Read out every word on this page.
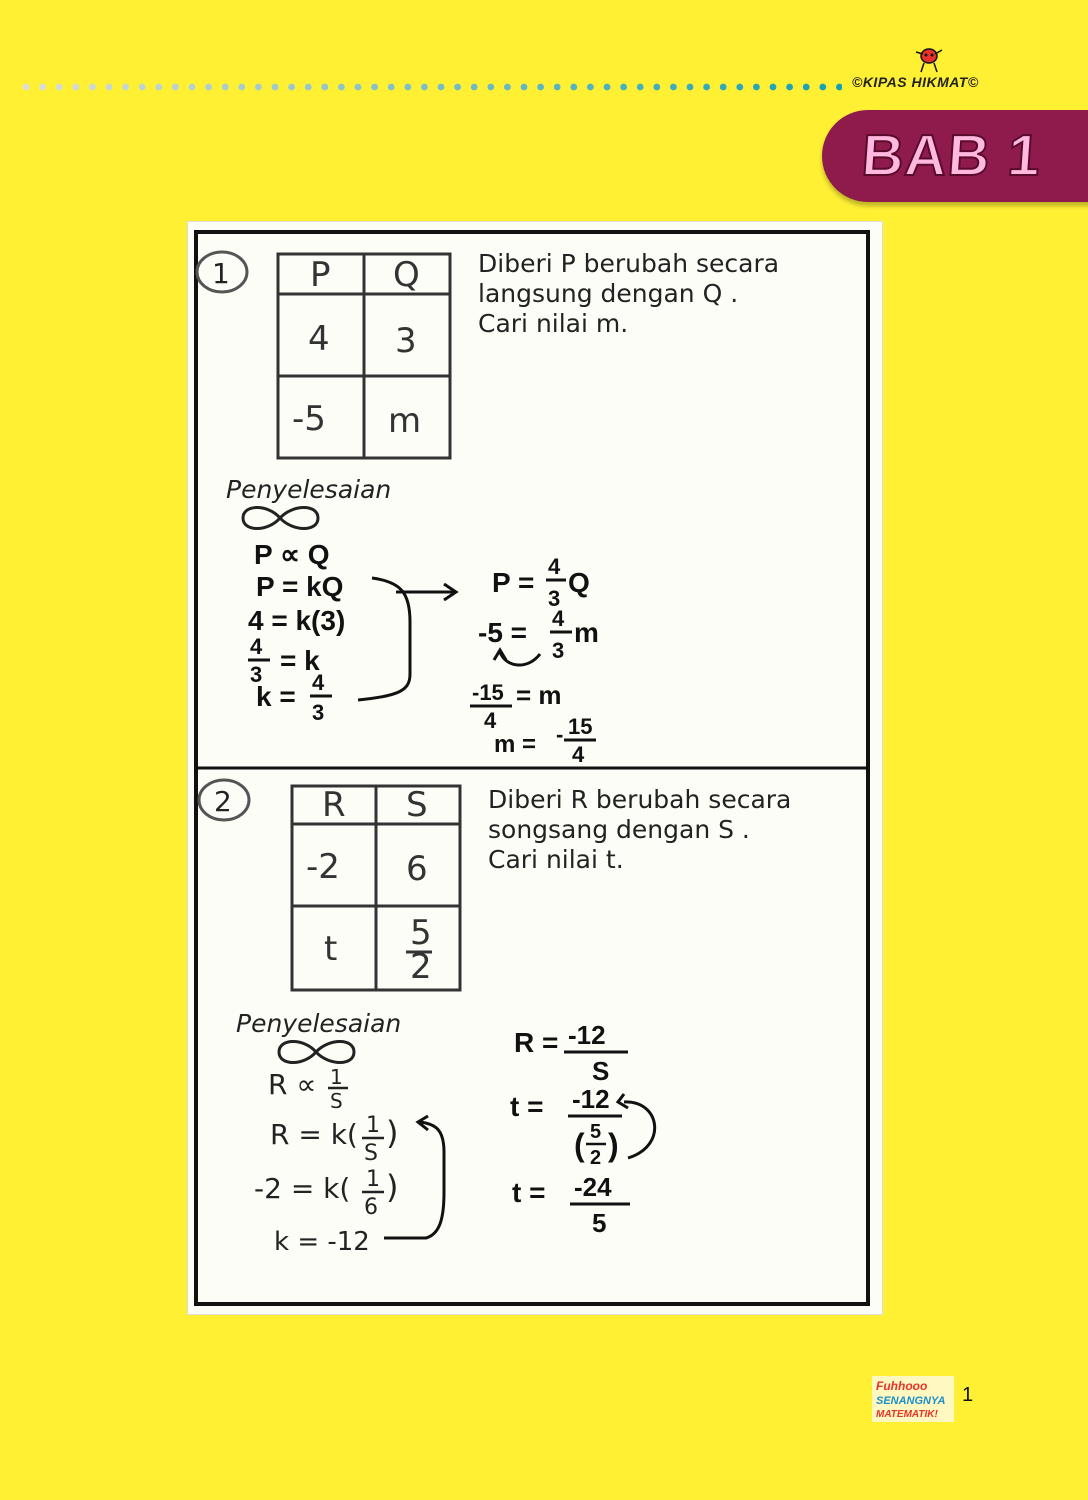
©KIPAS HIKMAT©
BAB 1
1 P Q
4 3
-5 m
Diberi P berubah secara
langsung dengan Q .
Cari nilai m.
Penyelesaian
P ∝ Q
P = kQ
4 = k(3)
4
3 = k
k = 4
3
P =
4
3
Q
-5 = 4
3
m
-15
4
= m
m = - 15
4
2	R S
-2 6
t 5
2
Diberi R berubah secara
songsang dengan S .
Cari nilai t.
Penyelesaian
R ∝ 1
S
R = k( 1
S
)
-2 = k( 1
6
)
k = -12
R = -12
S
t = -12
( 5
2 )
t = -24
5
Fuhhooo
SENANGNYA
MATEMATIK!
1
